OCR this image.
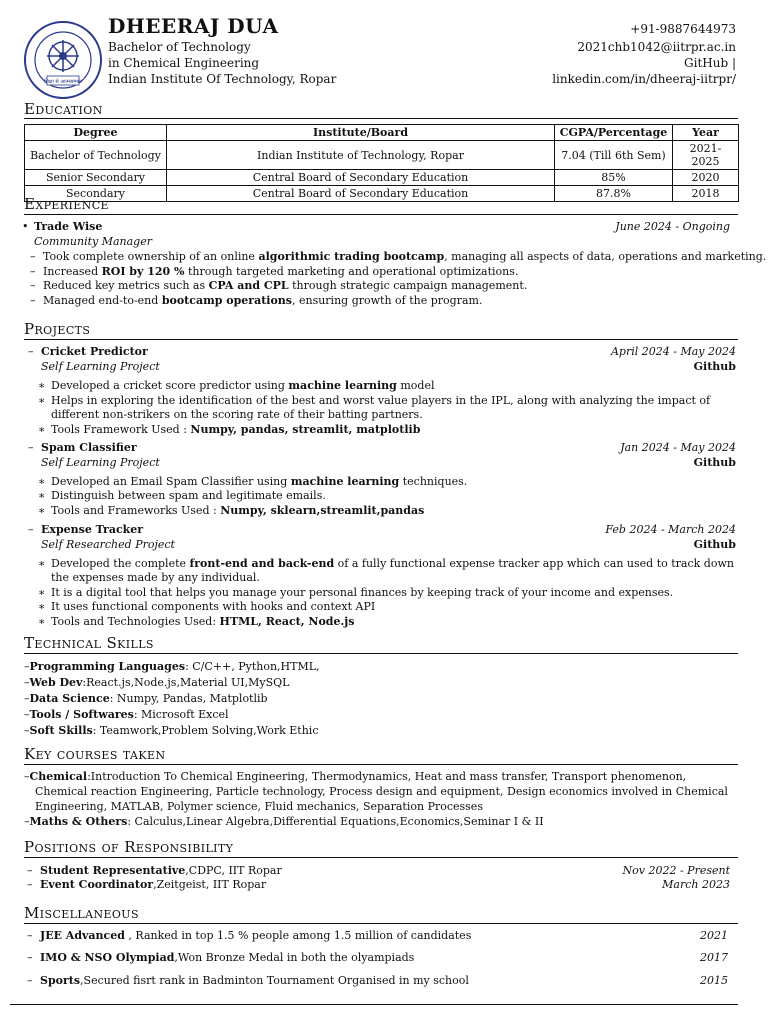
शिक्षा से आत्मसम्मान
DHEERAJ DUA
Bachelor of Technology
in Chemical Engineering
Indian Institute Of Technology, Ropar
+91-9887644973
2021chb1042@iitrpr.ac.in
GitHub |
linkedin.com/in/dheeraj-iitrpr/
Education
Degree	Institute/Board	CGPA/Percentage	Year
Bachelor of Technology	Indian Institute of Technology, Ropar	7.04 (Till 6th Sem)	2021-2025
Senior Secondary	Central Board of Secondary Education	85%	2020
Secondary	Central Board of Secondary Education	87.8%	2018
Experience
• Trade Wise	June 2024 - Ongoing
Community Manager
– Took complete ownership of an online algorithmic trading bootcamp, managing all aspects of data, operations and marketing.
– Increased ROI by 120 % through targeted marketing and operational optimizations.
– Reduced key metrics such as CPA and CPL through strategic campaign management.
– Managed end-to-end bootcamp operations, ensuring growth of the program.
Projects
– Cricket Predictor	April 2024 - May 2024
Self Learning Project	Github
∗ Developed a cricket score predictor using machine learning model
∗ Helps in exploring the identification of the best and worst value players in the IPL, along with analyzing the impact of
different non-strikers on the scoring rate of their batting partners.
∗ Tools Framework Used : Numpy, pandas, streamlit, matplotlib
– Spam Classifier	Jan 2024 - May 2024
Self Learning Project	Github
∗ Developed an Email Spam Classifier using machine learning techniques.
∗ Distinguish between spam and legitimate emails.
∗ Tools and Frameworks Used : Numpy, sklearn,streamlit,pandas
– Expense Tracker	Feb 2024 - March 2024
Self Researched Project	Github
∗ Developed the complete front-end and back-end of a fully functional expense tracker app which can used to track down
the expenses made by any individual.
∗ It is a digital tool that helps you manage your personal finances by keeping track of your income and expenses.
∗ It uses functional components with hooks and context API
∗ Tools and Technologies Used: HTML, React, Node.js
Technical Skills
–Programming Languages: C/C++, Python,HTML,
–Web Dev:React.js,Node.js,Material UI,MySQL
–Data Science: Numpy, Pandas, Matplotlib
–Tools / Softwares: Microsoft Excel
–Soft Skills: Teamwork,Problem Solving,Work Ethic
Key courses taken
–Chemical:Introduction To Chemical Engineering, Thermodynamics, Heat and mass transfer, Transport phenomenon,
Chemical reaction Engineering, Particle technology, Process design and equipment, Design economics involved in Chemical
Engineering, MATLAB, Polymer science, Fluid mechanics, Separation Processes
–Maths & Others: Calculus,Linear Algebra,Differential Equations,Economics,Seminar I & II
Positions of Responsibility
– Student Representative,CDPC, IIT Ropar	Nov 2022 - Present
– Event Coordinator,Zeitgeist, IIT Ropar	March 2023
Miscellaneous
– JEE Advanced , Ranked in top 1.5 % people among 1.5 million of candidates	2021
– IMO & NSO Olympiad,Won Bronze Medal in both the olyampiads	2017
– Sports,Secured fisrt rank in Badminton Tournament Organised in my school	2015
